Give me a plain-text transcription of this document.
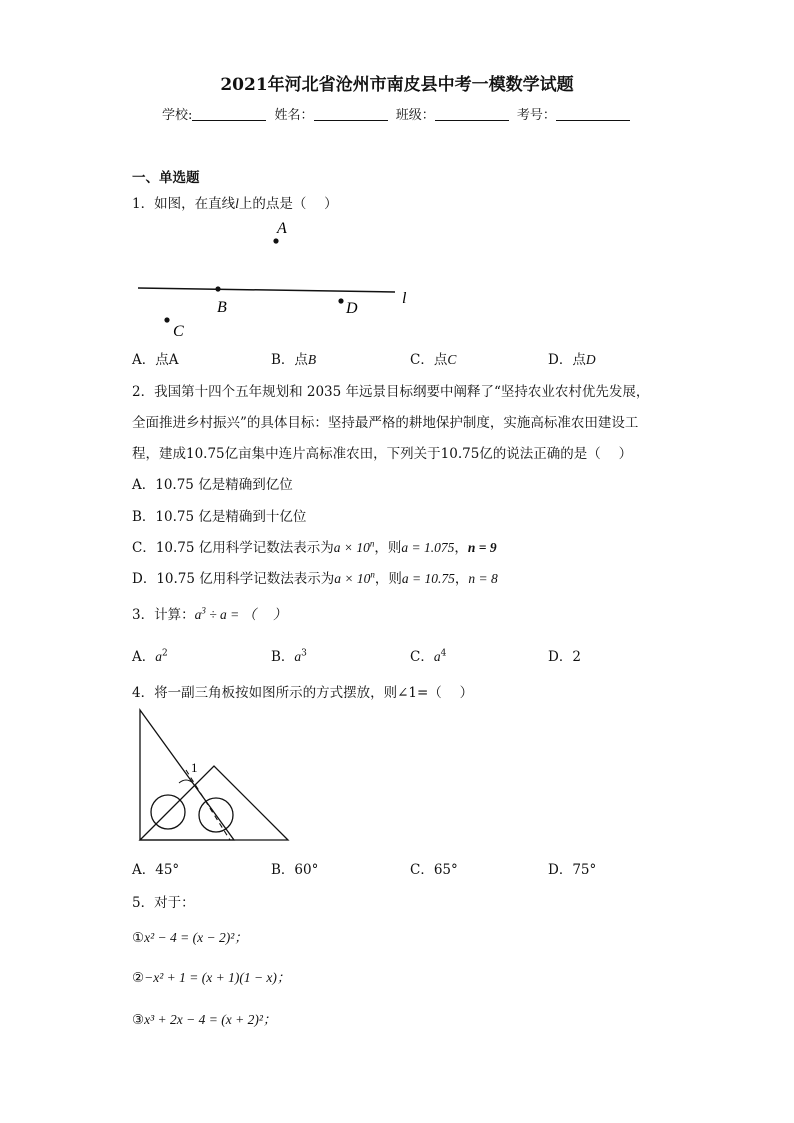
2021年河北省沧州市南皮县中考一模数学试题
学校:	姓名：	班级：	考号：
一、单选题
1．如图，在直线l上的点是（　 ）
A
B
C
D
l
A．点A	B．点B	C．点C	D．点D
2．我国第十四个五年规划和 2035 年远景目标纲要中阐释了“坚持农业农村优先发展，
全面推进乡村振兴”的具体目标：坚持最严格的耕地保护制度，实施高标准农田建设工
程，建成10.75亿亩集中连片高标准农田，下列关于10.75亿的说法正确的是（　 ）
A．10.75 亿是精确到亿位
B．10.75 亿是精确到十亿位
C．10.75 亿用科学记数法表示为$a \times 10^n$，则a = 1.075，n = 9
D．10.75 亿用科学记数法表示为$a \times 10^n$，则a = 10.75，n = 8
3．计算：$a^3 \div a$ = （　 ）
A．$a^2$	B．$a^3$	C．$a^4$	D．2
4．将一副三角板按如图所示的方式摆放，则∠1=（　 ）
1
A．45°	B．60°	C．65°	D．75°
5．对于：
①x² − 4 = (x − 2)²；
②−x² + 1 = (x + 1)(1 − x)；
③x³ + 2x − 4 = (x + 2)²；
